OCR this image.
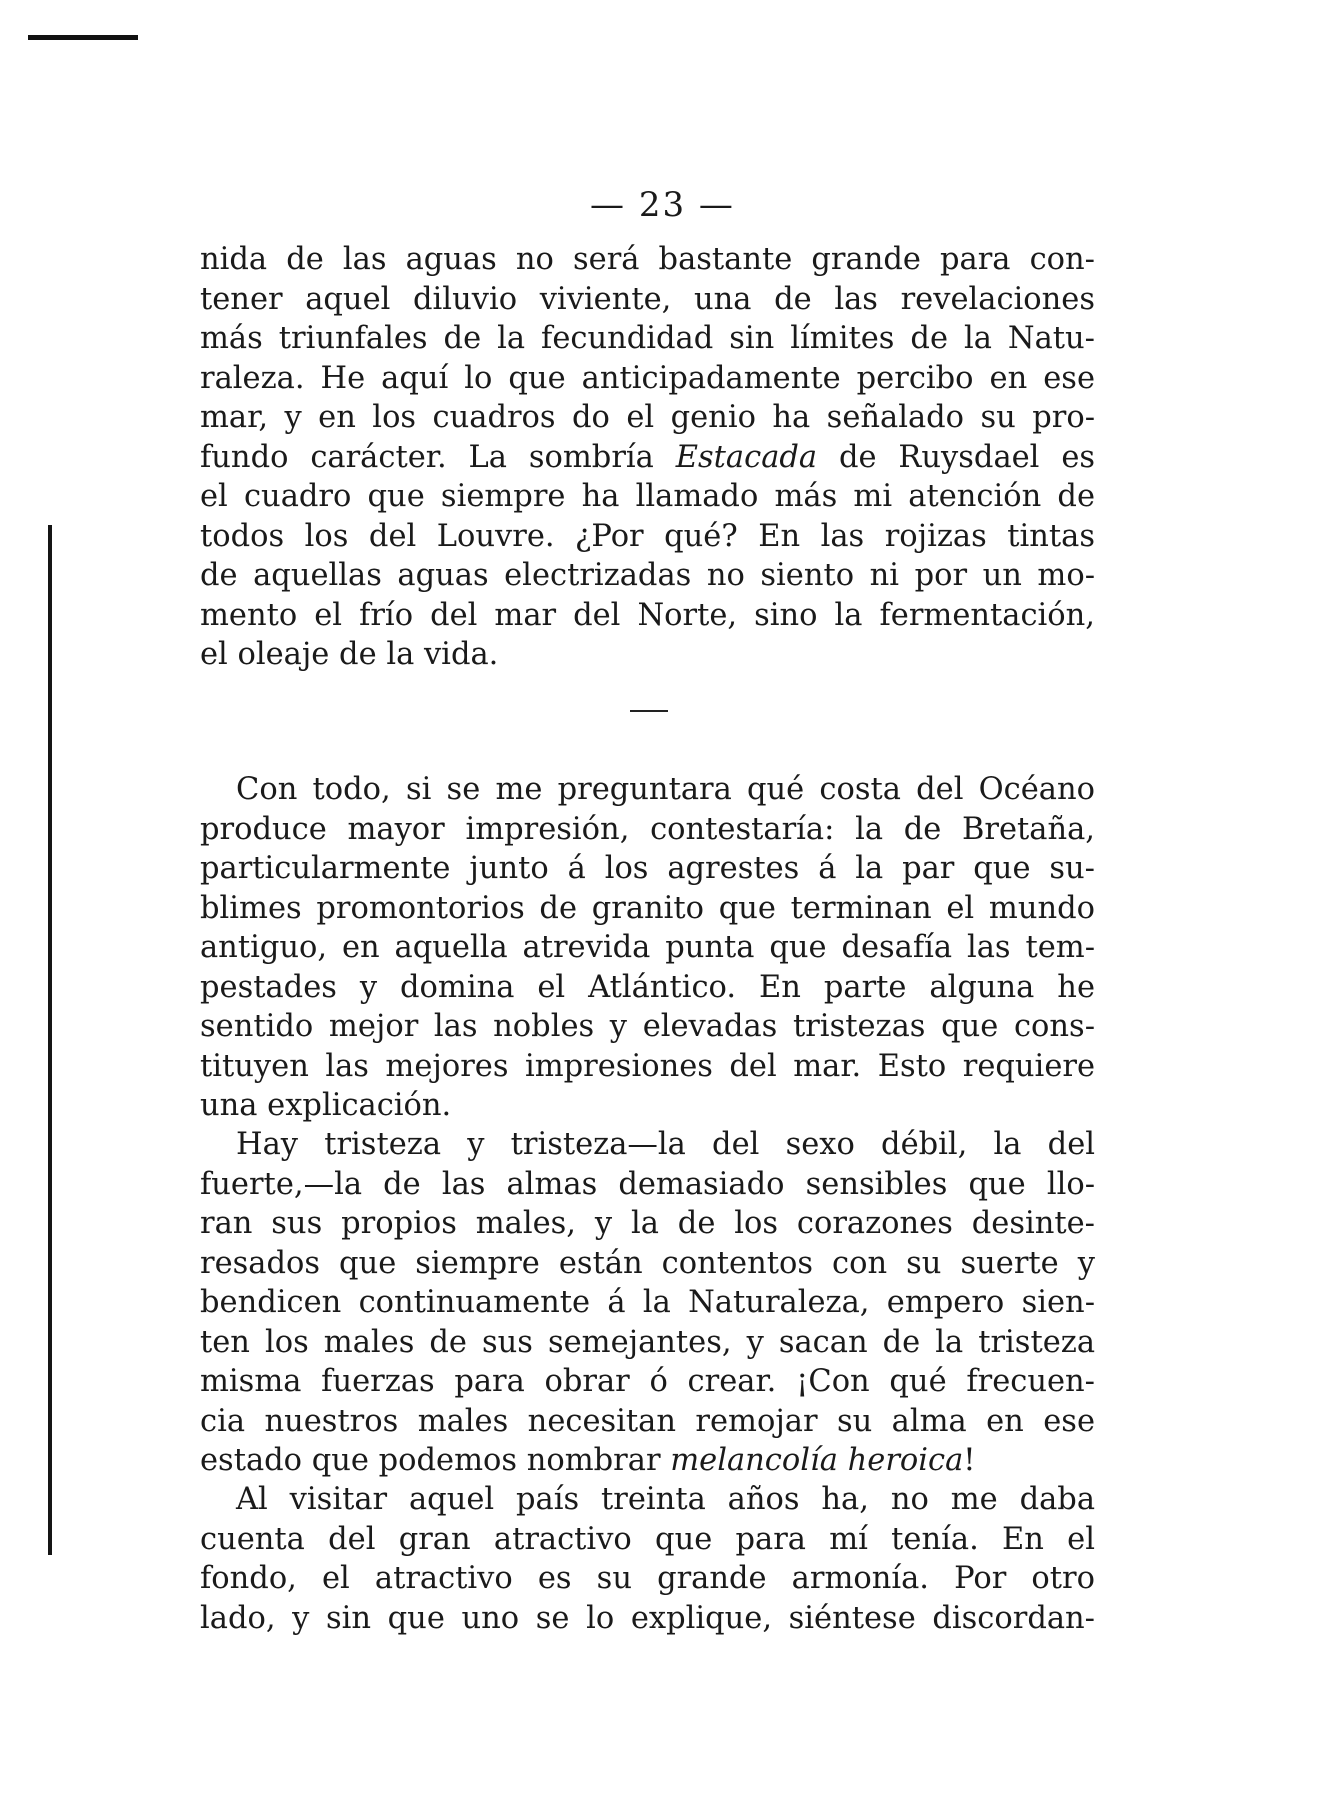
— 23 —
nida de las aguas no será bastante grande para con-
tener aquel diluvio viviente, una de las revelaciones
más triunfales de la fecundidad sin límites de la Natu-
raleza. He aquí lo que anticipadamente percibo en ese
mar, y en los cuadros do el genio ha señalado su pro-
fundo carácter. La sombría Estacada de Ruysdael es
el cuadro que siempre ha llamado más mi atención de
todos los del Louvre. ¿Por qué? En las rojizas tintas
de aquellas aguas electrizadas no siento ni por un mo-
mento el frío del mar del Norte, sino la fermentación,
el oleaje de la vida.
Con todo, si se me preguntara qué costa del Océano
produce mayor impresión, contestaría: la de Bretaña,
particularmente junto á los agrestes á la par que su-
blimes promontorios de granito que terminan el mundo
antiguo, en aquella atrevida punta que desafía las tem-
pestades y domina el Atlántico. En parte alguna he
sentido mejor las nobles y elevadas tristezas que cons-
tituyen las mejores impresiones del mar. Esto requiere
una explicación.
Hay tristeza y tristeza—la del sexo débil, la del
fuerte,—la de las almas demasiado sensibles que llo-
ran sus propios males, y la de los corazones desinte-
resados que siempre están contentos con su suerte y
bendicen continuamente á la Naturaleza, empero sien-
ten los males de sus semejantes, y sacan de la tristeza
misma fuerzas para obrar ó crear. ¡Con qué frecuen-
cia nuestros males necesitan remojar su alma en ese
estado que podemos nombrar melancolía heroica!
Al visitar aquel país treinta años ha, no me daba
cuenta del gran atractivo que para mí tenía. En el
fondo, el atractivo es su grande armonía. Por otro
lado, y sin que uno se lo explique, siéntese discordan-
